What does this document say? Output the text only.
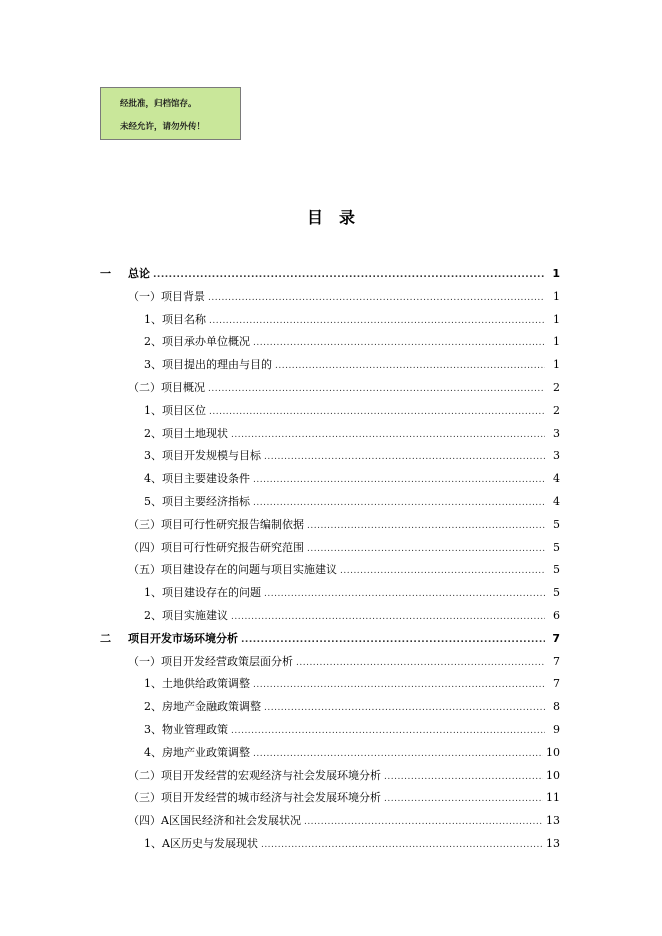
经批准，归档馆存。
未经允许，请勿外传！
目录
一	总论 .....	1
（一）项目背景 .....	1
1、项目名称 .....	1
2、项目承办单位概况 .....	1
3、项目提出的理由与目的 .....	1
（二）项目概况 .....	2
1、项目区位 .....	2
2、项目土地现状 .....	3
3、项目开发规模与目标 .....	3
4、项目主要建设条件 .....	4
5、项目主要经济指标 .....	4
（三）项目可行性研究报告编制依据 .....	5
（四）项目可行性研究报告研究范围 .....	5
（五）项目建设存在的问题与项目实施建议 .....	5
1、项目建设存在的问题 .....	5
2、项目实施建议 .....	6
二	项目开发市场环境分析 .....	7
（一）项目开发经营政策层面分析 .....	7
1、土地供给政策调整 .....	7
2、房地产金融政策调整 .....	8
3、物业管理政策 .....	9
4、房地产业政策调整 .....	10
（二）项目开发经营的宏观经济与社会发展环境分析 .....	10
（三）项目开发经营的城市经济与社会发展环境分析 .....	11
（四）A区国民经济和社会发展状况 .....	13
1、A区历史与发展现状 .....	13
